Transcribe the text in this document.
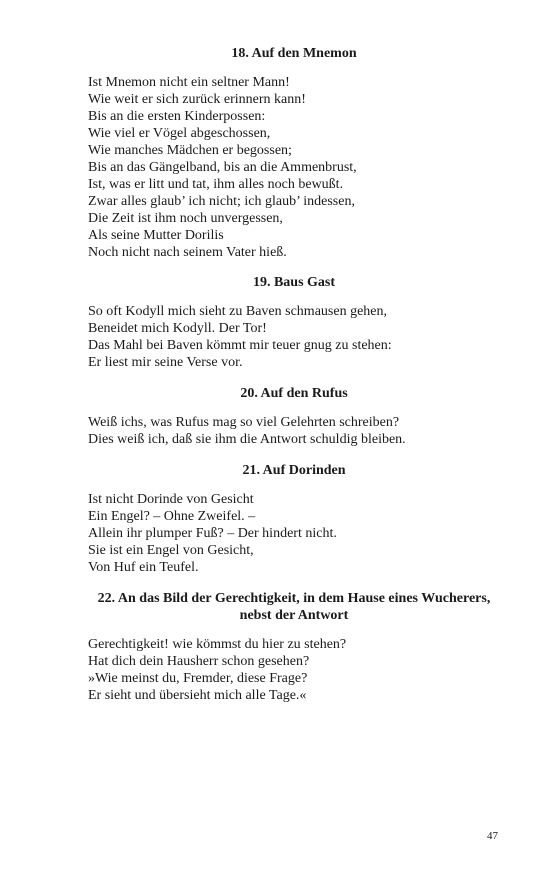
18. Auf den Mnemon
Ist Mnemon nicht ein seltner Mann!
Wie weit er sich zurück erinnern kann!
Bis an die ersten Kinderpossen:
Wie viel er Vögel abgeschossen,
Wie manches Mädchen er begossen;
Bis an das Gängelband, bis an die Ammenbrust,
Ist, was er litt und tat, ihm alles noch bewußt.
Zwar alles glaub’ ich nicht; ich glaub’ indessen,
Die Zeit ist ihm noch unvergessen,
Als seine Mutter Dorilis
Noch nicht nach seinem Vater hieß.
19. Baus Gast
So oft Kodyll mich sieht zu Baven schmausen gehen,
Beneidet mich Kodyll. Der Tor!
Das Mahl bei Baven kömmt mir teuer gnug zu stehen:
Er liest mir seine Verse vor.
20. Auf den Rufus
Weiß ichs, was Rufus mag so viel Gelehrten schreiben?
Dies weiß ich, daß sie ihm die Antwort schuldig bleiben.
21. Auf Dorinden
Ist nicht Dorinde von Gesicht
Ein Engel? – Ohne Zweifel. –
Allein ihr plumper Fuß? – Der hindert nicht.
Sie ist ein Engel von Gesicht,
Von Huf ein Teufel.
22. An das Bild der Gerechtigkeit, in dem Hause eines Wucherers,
nebst der Antwort
Gerechtigkeit! wie kömmst du hier zu stehen?
Hat dich dein Hausherr schon gesehen?
»Wie meinst du, Fremder, diese Frage?
Er sieht und übersieht mich alle Tage.«
47
